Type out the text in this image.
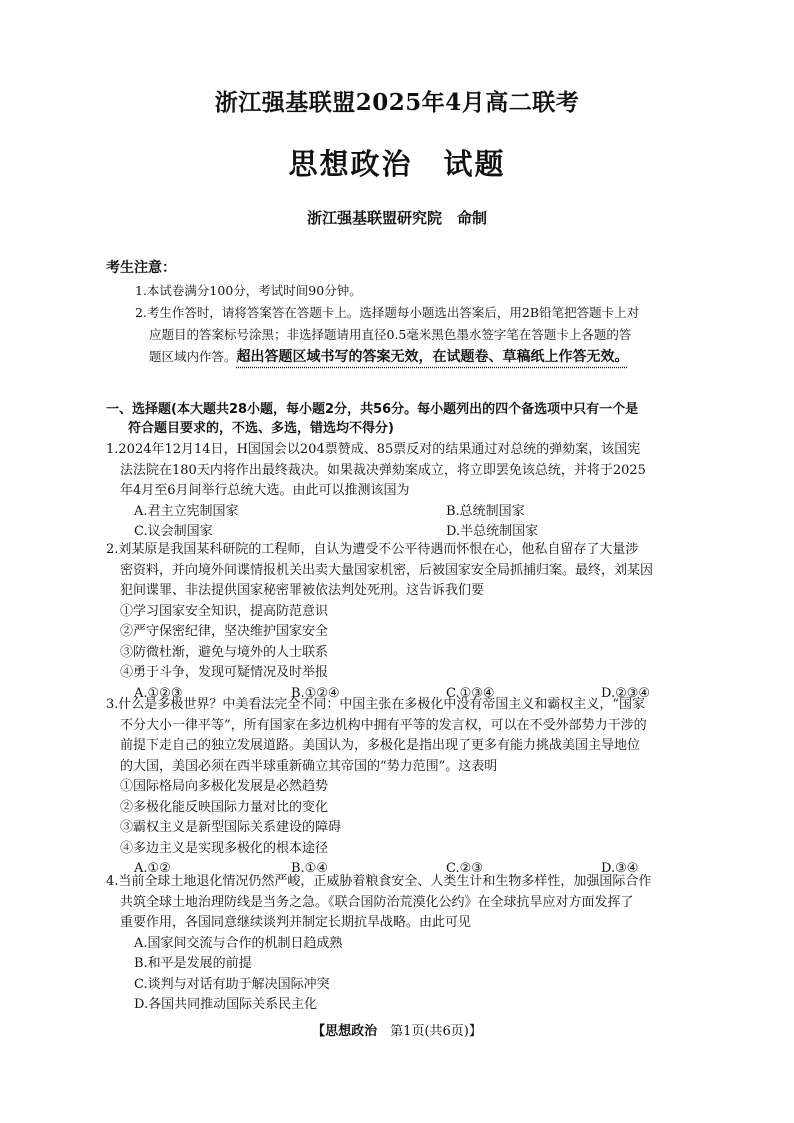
浙江强基联盟2025年4月高二联考
思想政治　试题
浙江强基联盟研究院　命制
考生注意：
1.本试卷满分100分，考试时间90分钟。

2.考生作答时，请将答案答在答题卡上。选择题每小题选出答案后，用2B铅笔把答题卡上对

应题目的答案标号涂黑；非选择题请用直径0.5毫米黑色墨水签字笔在答题卡上各题的答

题区域内作答。超出答题区域书写的答案无效，在试题卷、草稿纸上作答无效。

一、选择题(本大题共28小题，每小题2分，共56分。每小题列出的四个备选项中只有一个是
符合题目要求的，不选、多选，错选均不得分)

1.2024年12月14日，H国国会以204票赞成、85票反对的结果通过对总统的弹劾案，该国宪

法法院在180天内将作出最终裁决。如果裁决弹劾案成立，将立即罢免该总统，并将于2025

年4月至6月间举行总统大选。由此可以推测该国为

A.君主立宪制国家	B.总统制国家
C.议会制国家	D.半总统制国家

2.刘某原是我国某科研院的工程师，自认为遭受不公平待遇而怀恨在心，他私自留存了大量涉

密资料，并向境外间谍情报机关出卖大量国家机密，后被国家安全局抓捕归案。最终，刘某因

犯间谍罪、非法提供国家秘密罪被依法判处死刑。这告诉我们要

①学习国家安全知识，提高防范意识

②严守保密纪律，坚决维护国家安全

③防微杜渐，避免与境外的人士联系

④勇于斗争，发现可疑情况及时举报

A.①②③	B.①②④	C.①③④	D.②③④

3.什么是多极世界？中美看法完全不同：中国主张在多极化中没有帝国主义和霸权主义，“国家

不分大小一律平等”，所有国家在多边机构中拥有平等的发言权，可以在不受外部势力干涉的

前提下走自己的独立发展道路。美国认为，多极化是指出现了更多有能力挑战美国主导地位

的大国，美国必须在西半球重新确立其帝国的“势力范围”。这表明

①国际格局向多极化发展是必然趋势

②多极化能反映国际力量对比的变化

③霸权主义是新型国际关系建设的障碍

④多边主义是实现多极化的根本途径

A.①②	B.①④	C.②③	D.③④

4.当前全球土地退化情况仍然严峻，正威胁着粮食安全、人类生计和生物多样性，加强国际合作

共筑全球土地治理防线是当务之急。《联合国防治荒漠化公约》在全球抗旱应对方面发挥了

重要作用，各国同意继续谈判并制定长期抗旱战略。由此可见

A.国家间交流与合作的机制日趋成熟

B.和平是发展的前提

C.谈判与对话有助于解决国际冲突

D.各国共同推动国际关系民主化

【思想政治　 第1页(共6页)】
